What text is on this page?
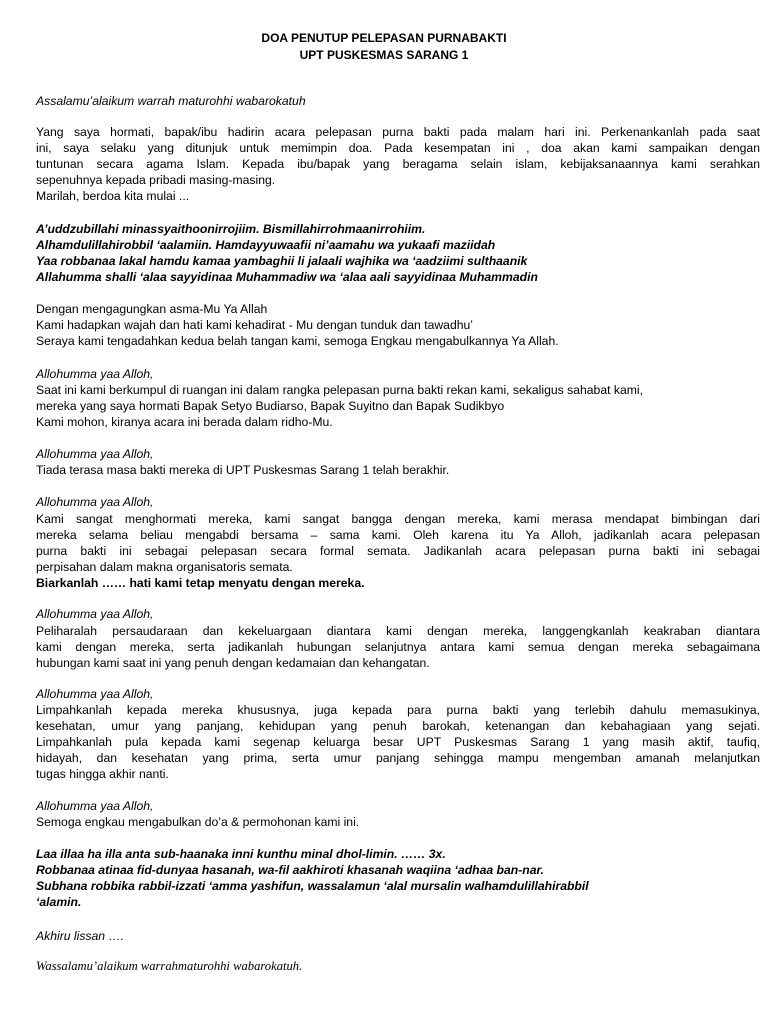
DOA PENUTUP PELEPASAN PURNABAKTI
UPT PUSKESMAS SARANG 1
Assalamu’alaikum warrah maturohhi wabarokatuh
Yang saya hormati, bapak/ibu hadirin acara pelepasan purna bakti pada malam hari ini. Perkenankanlah pada saat
ini, saya selaku yang ditunjuk untuk memimpin doa. Pada kesempatan ini , doa akan kami sampaikan dengan
tuntunan secara agama Islam. Kepada ibu/bapak yang beragama selain islam, kebijaksanaannya kami serahkan
sepenuhnya kepada pribadi masing-masing.
Marilah, berdoa kita mulai ...
A’uddzubillahi minassyaithoonirrojiim. Bismillahirrohmaanirrohiim.
Alhamdulillahirobbil ‘aalamiin. Hamdayyuwaafii ni’aamahu wa yukaafi maziidah
Yaa robbanaa lakal hamdu kamaa yambaghii li jalaali wajhika wa ‘aadziimi sulthaanik
Allahumma shalli ‘alaa sayyidinaa Muhammadiw wa ‘alaa aali sayyidinaa Muhammadin
Dengan mengagungkan asma-Mu Ya Allah
Kami hadapkan wajah dan hati kami kehadirat - Mu dengan tunduk dan tawadhu’
Seraya kami tengadahkan kedua belah tangan kami, semoga Engkau mengabulkannya Ya Allah.
Allohumma yaa Alloh,
Saat ini kami berkumpul di ruangan ini dalam rangka pelepasan purna bakti rekan kami, sekaligus sahabat kami,
mereka yang saya hormati Bapak Setyo Budiarso, Bapak Suyitno dan Bapak Sudikbyo
Kami mohon, kiranya acara ini berada dalam ridho-Mu.
Allohumma yaa Alloh,
Tiada terasa masa bakti mereka di UPT Puskesmas Sarang 1 telah berakhir.
Allohumma yaa Alloh,
Kami sangat menghormati mereka, kami sangat bangga dengan mereka, kami merasa mendapat bimbingan dari
mereka selama beliau mengabdi bersama – sama kami. Oleh karena itu Ya Alloh, jadikanlah acara pelepasan
purna bakti ini sebagai pelepasan secara formal semata. Jadikanlah acara pelepasan purna bakti ini sebagai
perpisahan dalam makna organisatoris semata.
Biarkanlah …… hati kami tetap menyatu dengan mereka.
Allohumma yaa Alloh,
Peliharalah persaudaraan dan kekeluargaan diantara kami dengan mereka, langgengkanlah keakraban diantara
kami dengan mereka, serta jadikanlah hubungan selanjutnya antara kami semua dengan mereka sebagaimana
hubungan kami saat ini yang penuh dengan kedamaian dan kehangatan.
Allohumma yaa Alloh,
Limpahkanlah kepada mereka khususnya, juga kepada para purna bakti yang terlebih dahulu memasukinya,
kesehatan, umur yang panjang, kehidupan yang penuh barokah, ketenangan dan kebahagiaan yang sejati.
Limpahkanlah pula kepada kami segenap keluarga besar UPT Puskesmas Sarang 1 yang masih aktif, taufiq,
hidayah, dan kesehatan yang prima, serta umur panjang sehingga mampu mengemban amanah melanjutkan
tugas hingga akhir nanti.
Allohumma yaa Alloh,
Semoga engkau mengabulkan do’a & permohonan kami ini.
Laa illaa ha illa anta sub-haanaka inni kunthu minal dhol-limin. …… 3x.
Robbanaa atinaa fid-dunyaa hasanah, wa-fil aakhiroti khasanah waqiina ‘adhaa ban-nar.
Subhana robbika rabbil-izzati ‘amma yashifun, wassalamun ‘alal mursalin walhamdulillahirabbil
‘alamin.
Akhiru lissan ….
Wassalamu’alaikum warrahmaturohhi wabarokatuh.
